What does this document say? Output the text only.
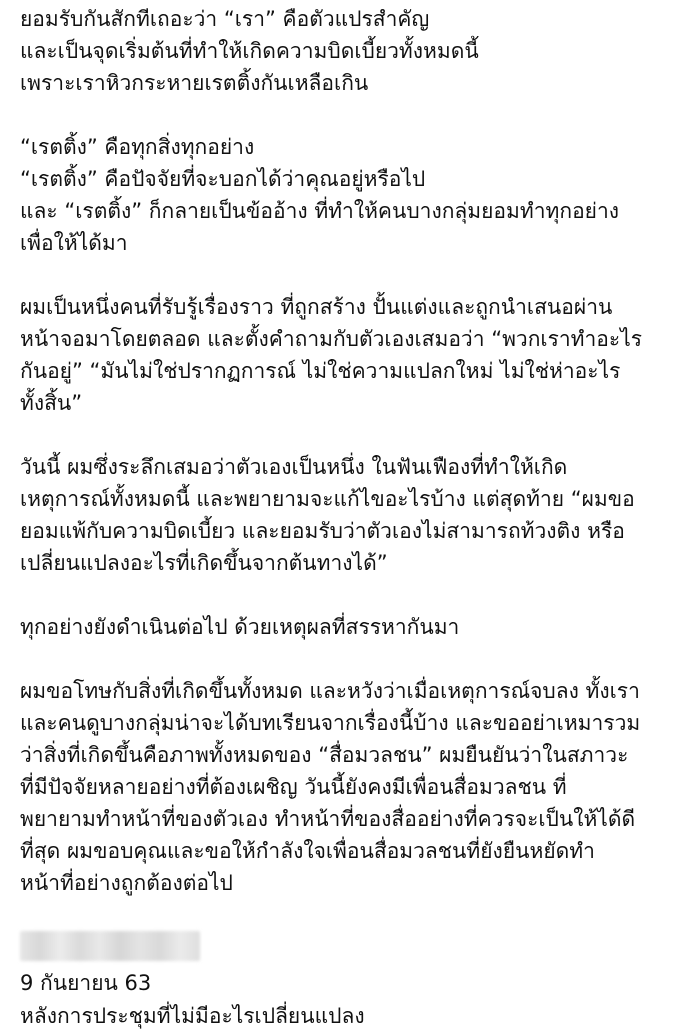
ยอมรับกันสักทีเถอะว่า “เรา” คือตัวแปรสำคัญ
และเป็นจุดเริ่มต้นที่ทำให้เกิดความบิดเบี้ยวทั้งหมดนี้
เพราะเราหิวกระหายเรตติ้งกันเหลือเกิน
“เรตติ้ง” คือทุกสิ่งทุกอย่าง
“เรตติ้ง” คือปัจจัยที่จะบอกได้ว่าคุณอยู่หรือไป
และ “เรตติ้ง” ก็กลายเป็นข้ออ้าง ที่ทำให้คนบางกลุ่มยอมทำทุกอย่าง
เพื่อให้ได้มา
ผมเป็นหนึ่งคนที่รับรู้เรื่องราว ที่ถูกสร้าง ปั้นแต่งและถูกนำเสนอผ่าน
หน้าจอมาโดยตลอด และตั้งคำถามกับตัวเองเสมอว่า “พวกเราทำอะไร
กันอยู่” “มันไม่ใช่ปรากฏการณ์ ไม่ใช่ความแปลกใหม่ ไม่ใช่ห่าอะไร
ทั้งสิ้น”
วันนี้ ผมซึ่งระลึกเสมอว่าตัวเองเป็นหนึ่ง ในฟันเฟืองที่ทำให้เกิด
เหตุการณ์ทั้งหมดนี้ และพยายามจะแก้ไขอะไรบ้าง แต่สุดท้าย “ผมขอ
ยอมแพ้กับความบิดเบี้ยว และยอมรับว่าตัวเองไม่สามารถท้วงติง หรือ
เปลี่ยนแปลงอะไรที่เกิดขึ้นจากต้นทางได้”
ทุกอย่างยังดำเนินต่อไป ด้วยเหตุผลที่สรรหากันมา
ผมขอโทษกับสิ่งที่เกิดขึ้นทั้งหมด และหวังว่าเมื่อเหตุการณ์จบลง ทั้งเรา
และคนดูบางกลุ่มน่าจะได้บทเรียนจากเรื่องนี้บ้าง และขออย่าเหมารวม
ว่าสิ่งที่เกิดขึ้นคือภาพทั้งหมดของ “สื่อมวลชน” ผมยืนยันว่าในสภาวะ
ที่มีปัจจัยหลายอย่างที่ต้องเผชิญ วันนี้ยังคงมีเพื่อนสื่อมวลชน ที่
พยายามทำหน้าที่ของตัวเอง ทำหน้าที่ของสื่ออย่างที่ควรจะเป็นให้ได้ดี
ที่สุด ผมขอบคุณและขอให้กำลังใจเพื่อนสื่อมวลชนที่ยังยืนหยัดทำ
หน้าที่อย่างถูกต้องต่อไป
9 กันยายน 63
หลังการประชุมที่ไม่มีอะไรเปลี่ยนแปลง
